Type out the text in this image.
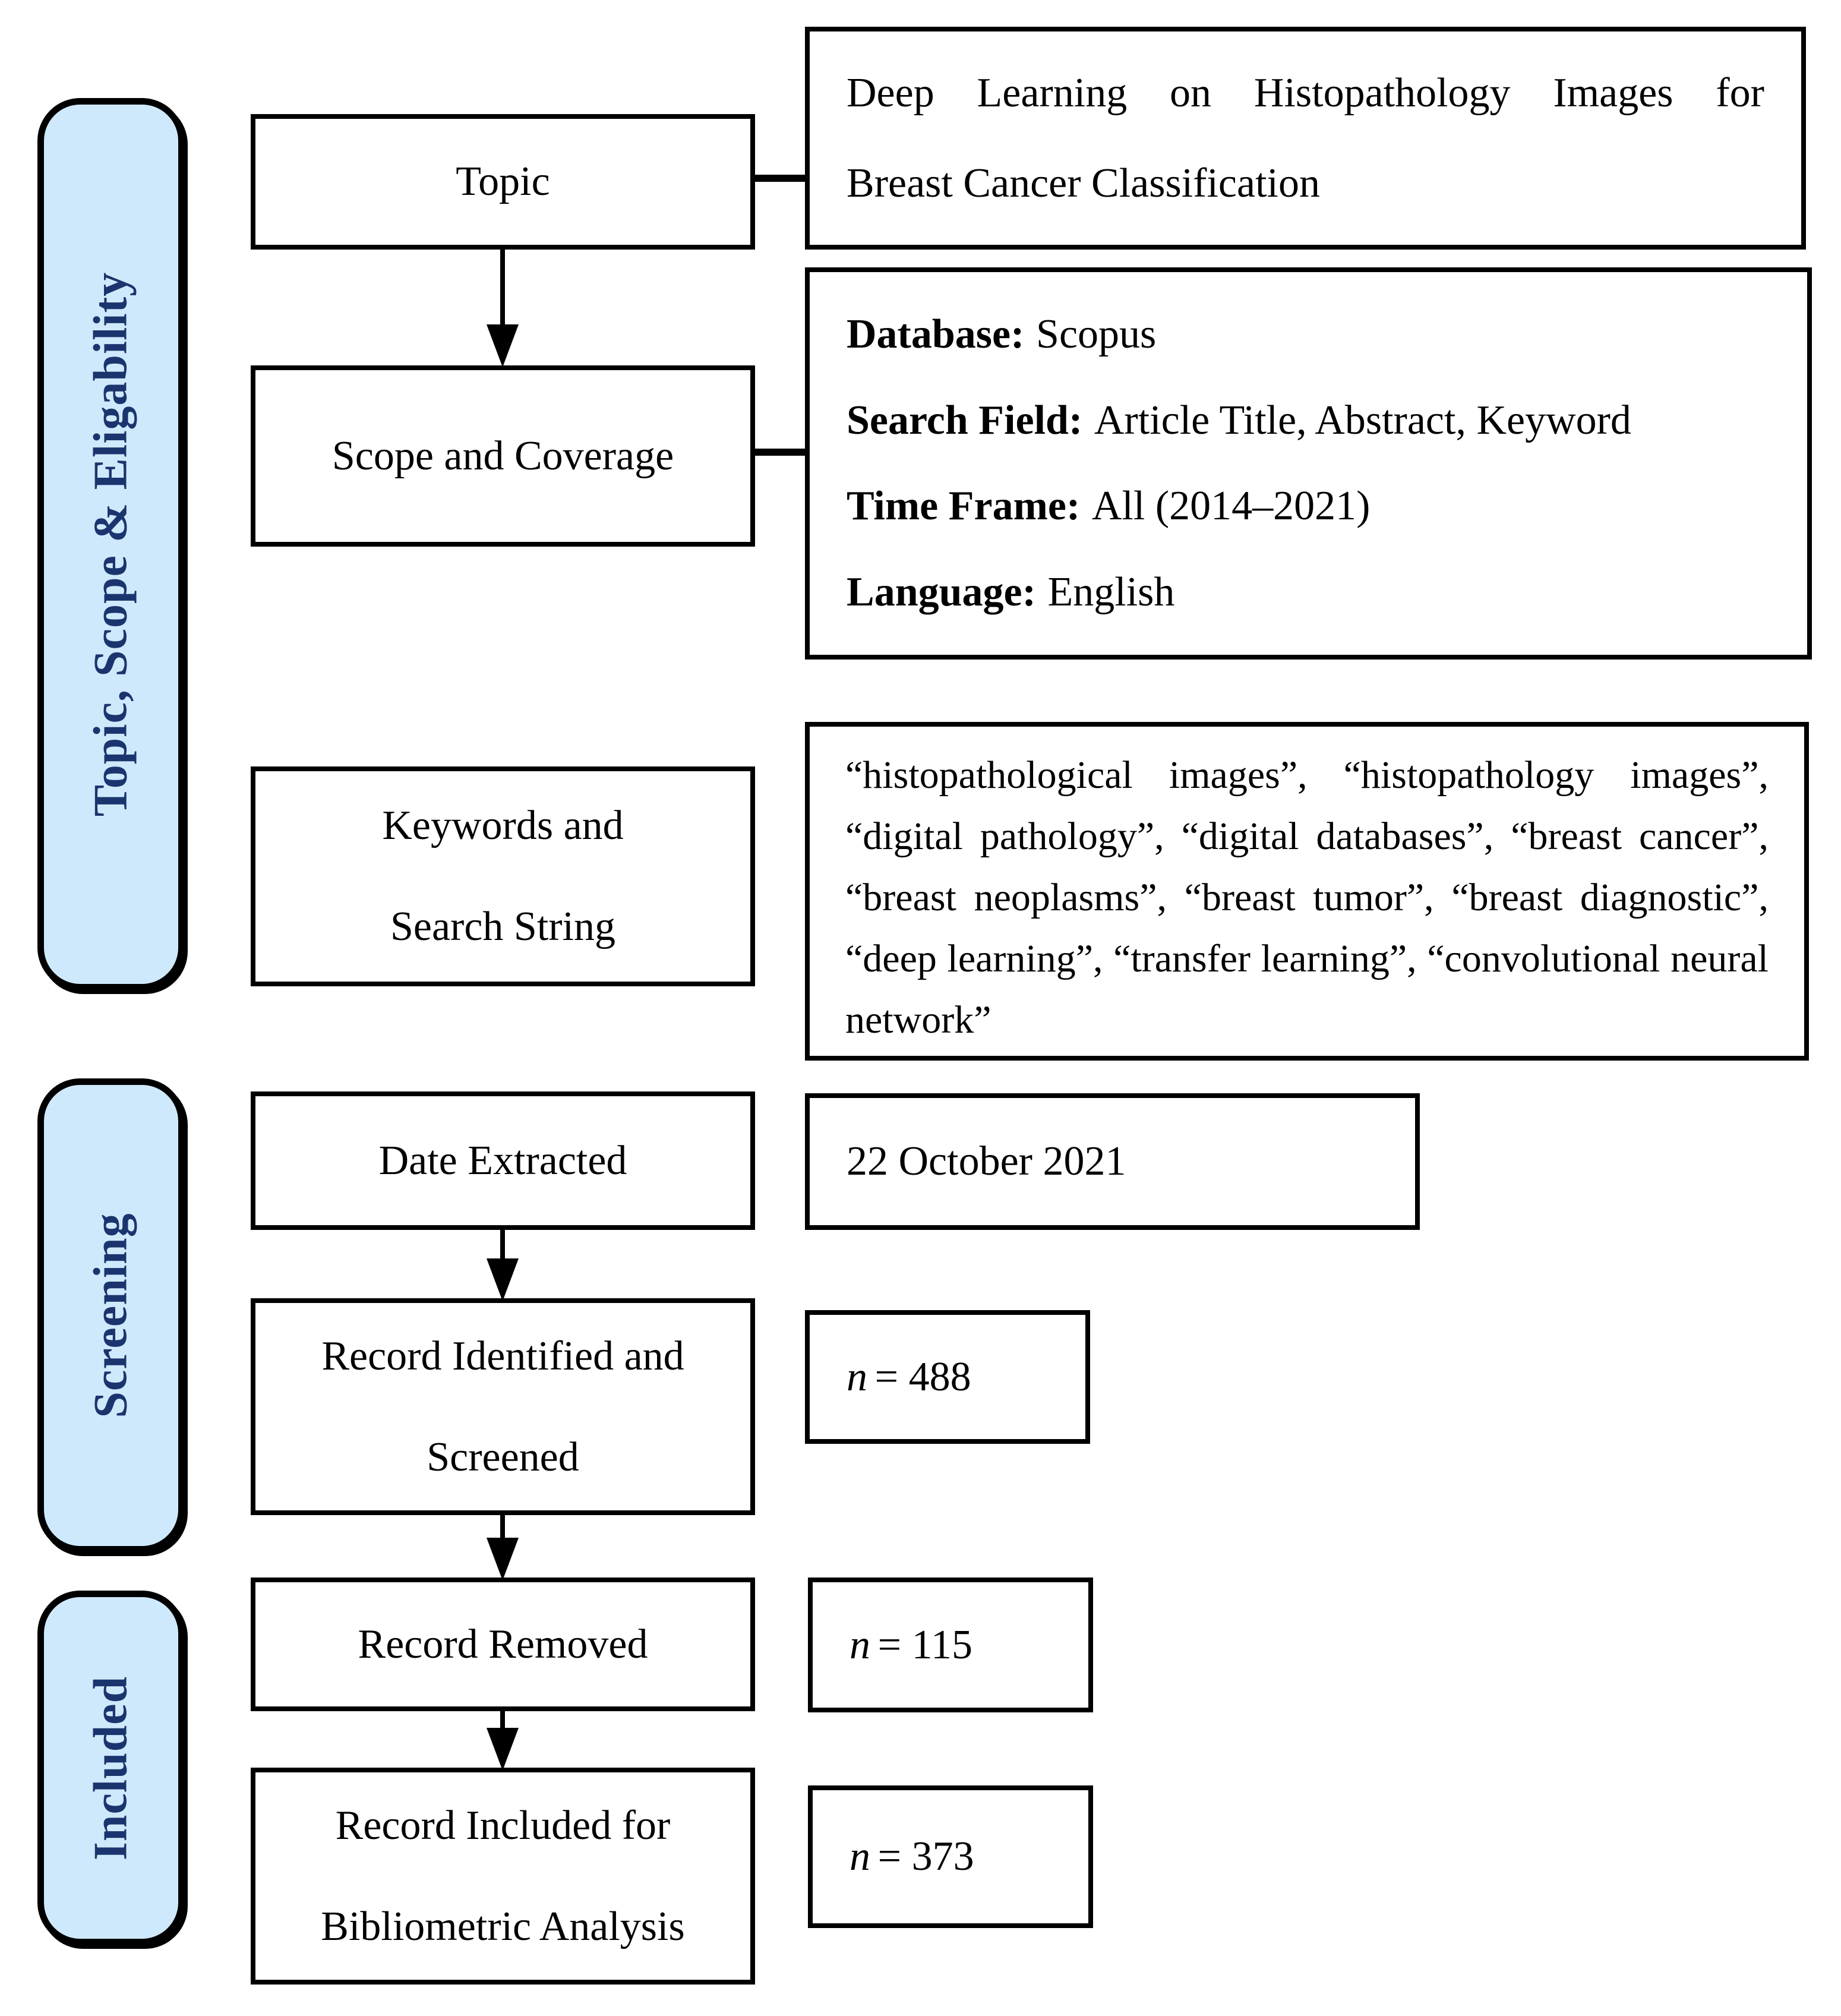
Topic, Scope & Eligability
Screening
Included
Topic
Scope and Coverage
Keywords and
Search String
Date Extracted
Record Identified and
Screened
Record Removed
Record Included for
Bibliometric Analysis
Deep Learning on Histopathology Images for
Breast Cancer Classification
Database: Scopus
Search Field: Article Title, Abstract, Keyword
Time Frame: All (2014–2021)
Language: English
“histopathological images”, “histopathology images”, “digital pathology”, “digital databases”, “breast cancer”, “breast neoplasms”, “breast tumor”, “breast diagnostic”, “deep learning”, “transfer learning”, “convolutional neural network”
22 October 2021
n = 488
n = 115
n = 373
